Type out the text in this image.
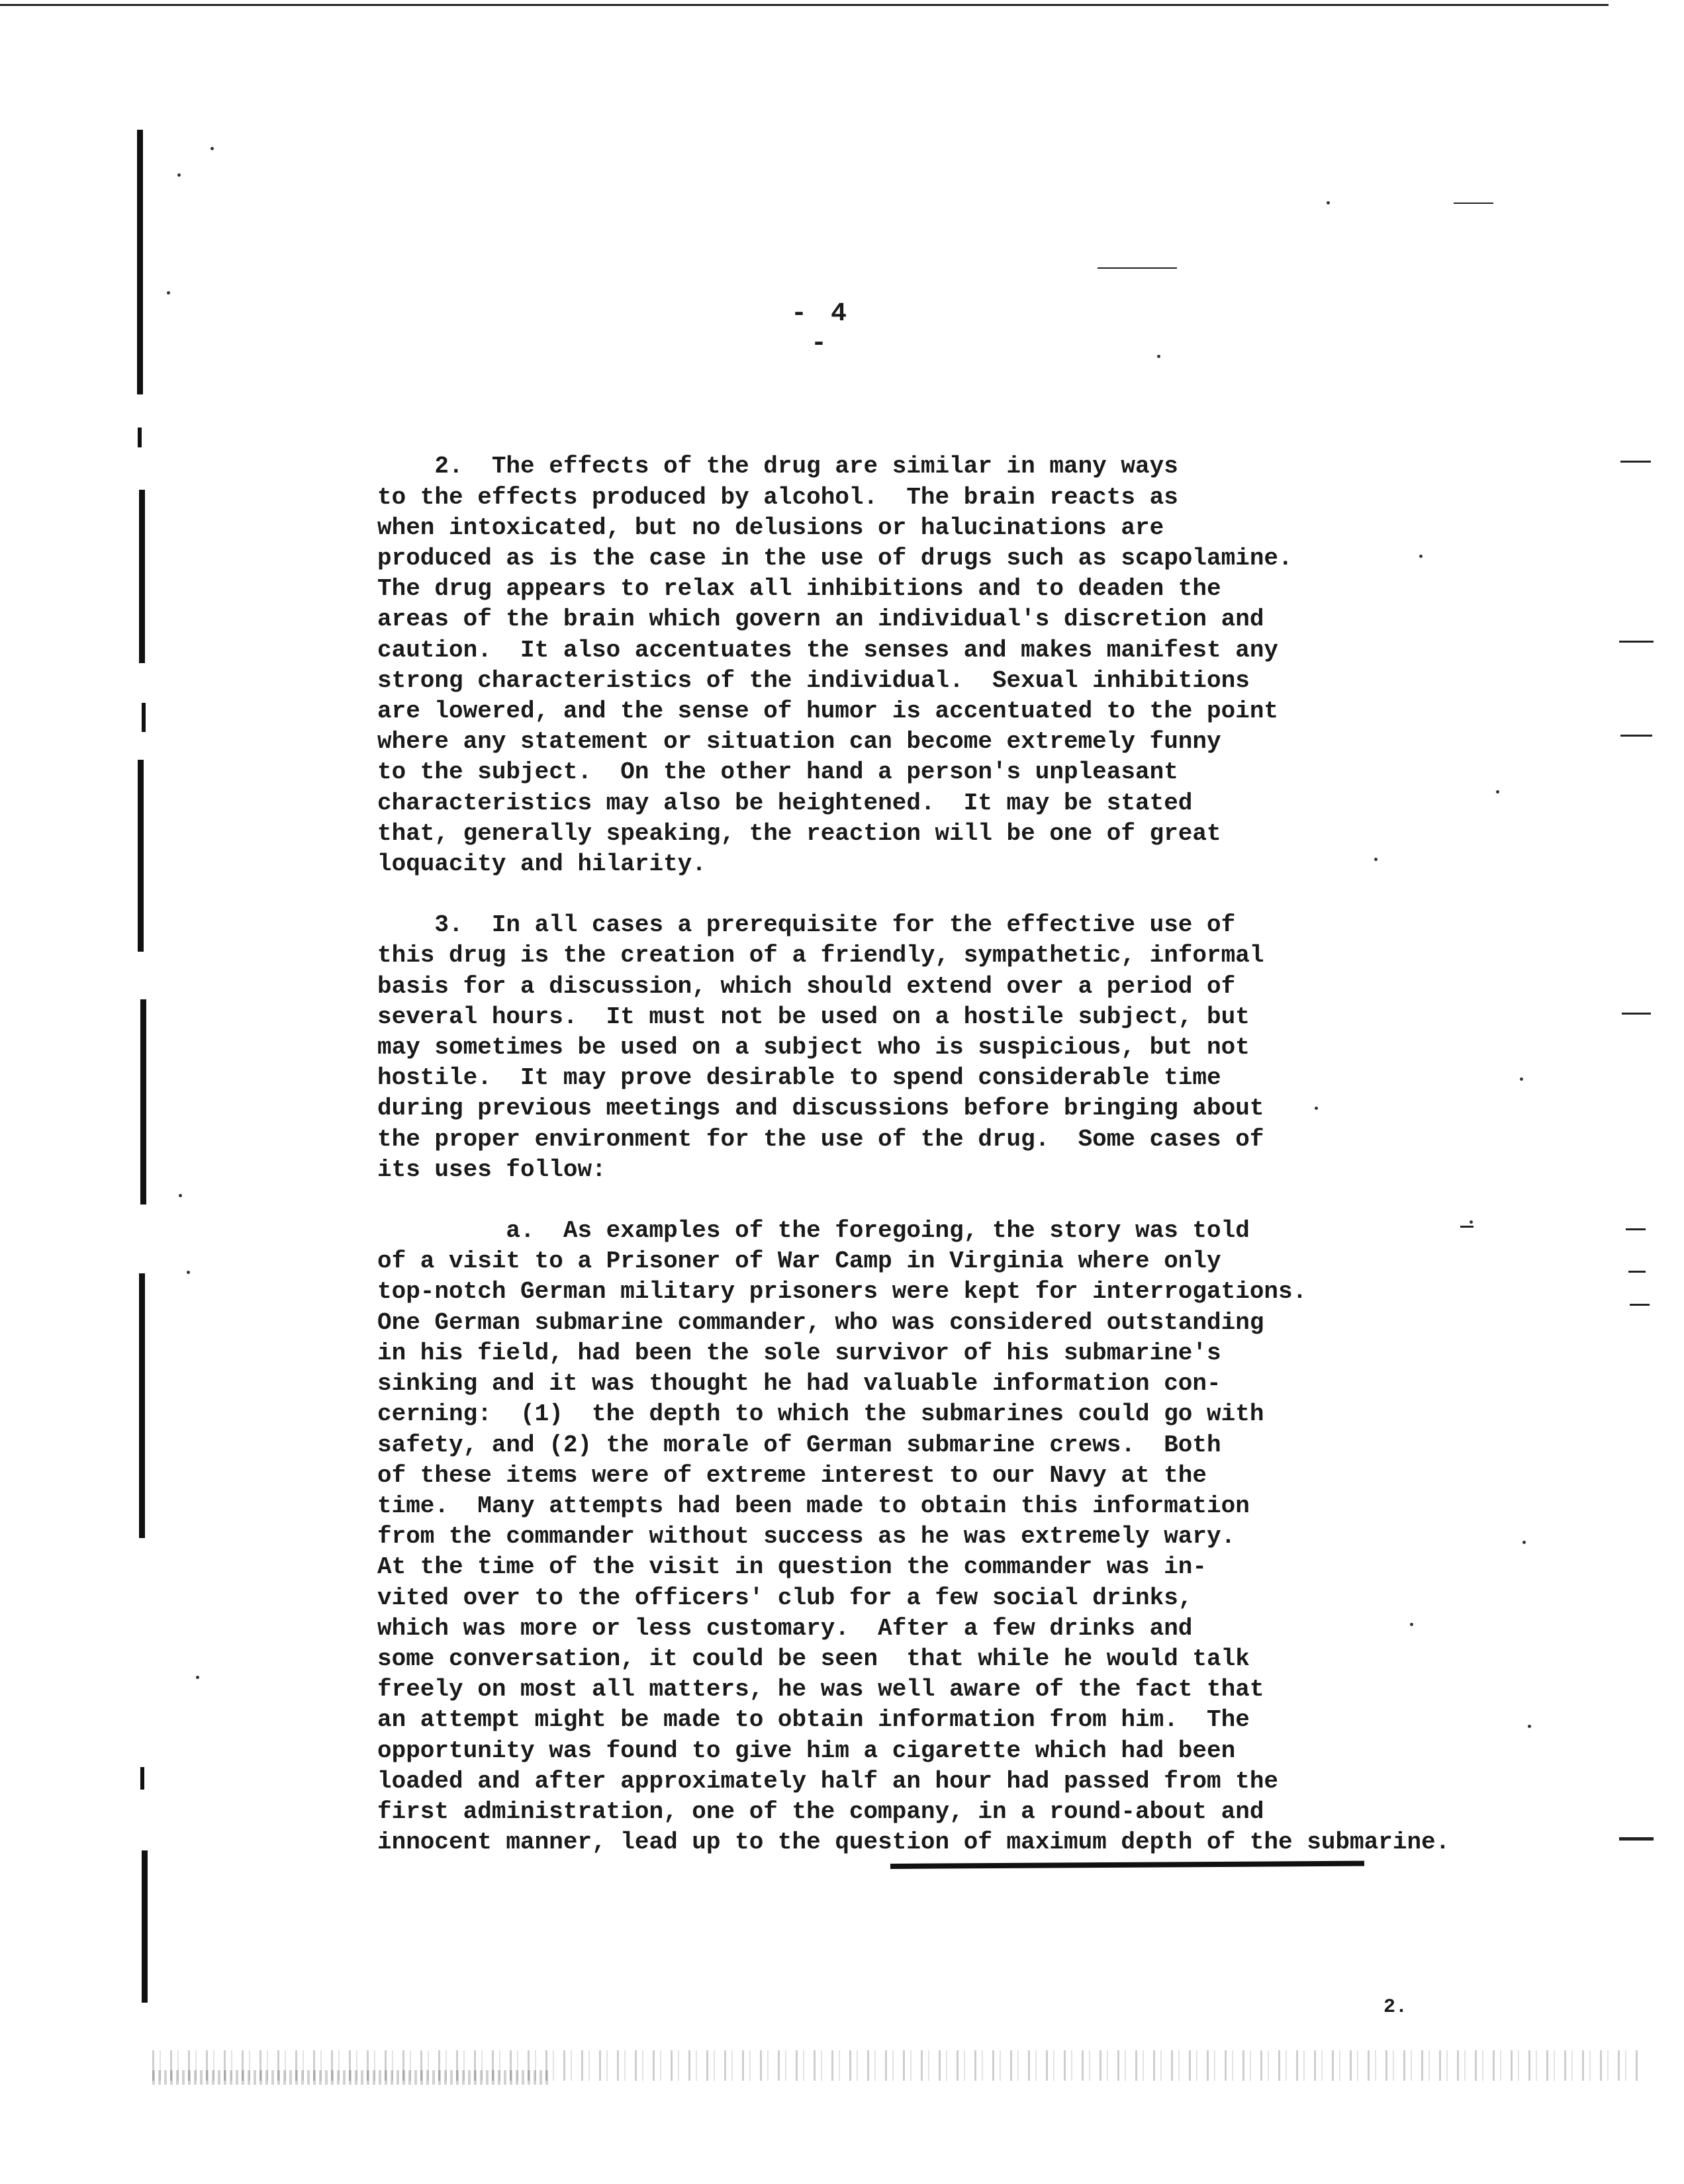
- 4 -

2.  The effects of the drug are similar in many ways
to the effects produced by alcohol.  The brain reacts as
when intoxicated, but no delusions or halucinations are
produced as is the case in the use of drugs such as scapolamine.
The drug appears to relax all inhibitions and to deaden the
areas of the brain which govern an individual's discretion and
caution.  It also accentuates the senses and makes manifest any
strong characteristics of the individual.  Sexual inhibitions
are lowered, and the sense of humor is accentuated to the point
where any statement or situation can become extremely funny
to the subject.  On the other hand a person's unpleasant
characteristics may also be heightened.  It may be stated
that, generally speaking, the reaction will be one of great
loquacity and hilarity.

3.  In all cases a prerequisite for the effective use of
this drug is the creation of a friendly, sympathetic, informal
basis for a discussion, which should extend over a period of
several hours.  It must not be used on a hostile subject, but
may sometimes be used on a subject who is suspicious, but not
hostile.  It may prove desirable to spend considerable time
during previous meetings and discussions before bringing about
the proper environment for the use of the drug.  Some cases of
its uses follow:

a.  As examples of the foregoing, the story was told
of a visit to a Prisoner of War Camp in Virginia where only
top-notch German military prisoners were kept for interrogations.
One German submarine commander, who was considered outstanding
in his field, had been the sole survivor of his submarine's
sinking and it was thought he had valuable information con-
cerning:  (1)  the depth to which the submarines could go with
safety, and (2) the morale of German submarine crews.  Both
of these items were of extreme interest to our Navy at the
time.  Many attempts had been made to obtain this information
from the commander without success as he was extremely wary.
At the time of the visit in question the commander was in-
vited over to the officers' club for a few social drinks,
which was more or less customary.  After a few drinks and
some conversation, it could be seen  that while he would talk
freely on most all matters, he was well aware of the fact that
an attempt might be made to obtain information from him.  The
opportunity was found to give him a cigarette which had been
loaded and after approximately half an hour had passed from the
first administration, one of the company, in a round-about and
innocent manner, lead up to the question of maximum depth of the submarine.

2.
